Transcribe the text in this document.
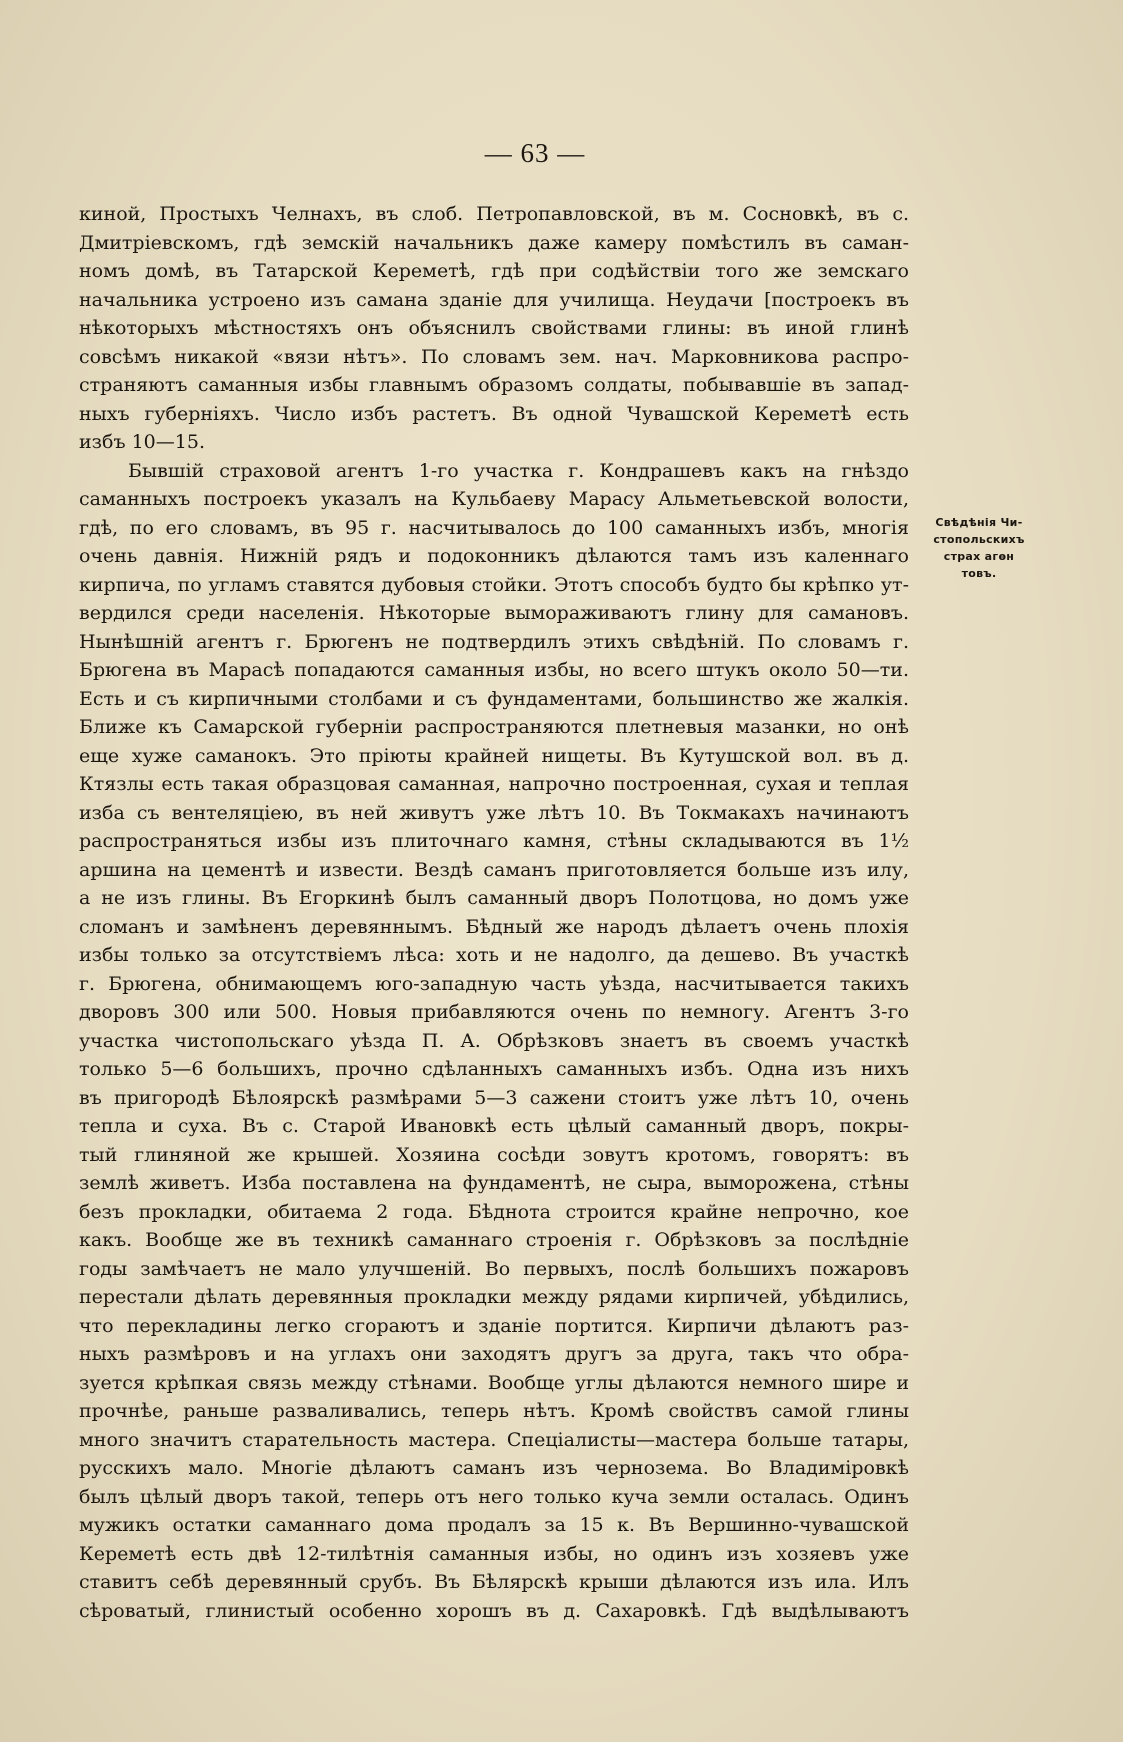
— 63 —
киной, Простыхъ Челнахъ, въ слоб. Петропавловской, въ м. Сосновкѣ, въ с.
Дмитріевскомъ, гдѣ земскій начальникъ даже камеру помѣстилъ въ саман-
номъ домѣ, въ Татарской Кереметѣ, гдѣ при содѣйствіи того же земскаго
начальника устроено изъ самана зданіе для училища. Неудачи [построекъ въ
нѣкоторыхъ мѣстностяхъ онъ объяснилъ свойствами глины: въ иной глинѣ
совсѣмъ никакой «вязи нѣтъ». По словамъ зем. нач. Марковникова распро-
страняютъ саманныя избы главнымъ образомъ солдаты, побывавшіе въ запад-
ныхъ губерніяхъ. Число избъ растетъ. Въ одной Чувашской Кереметѣ есть
избъ 10—15.
Бывшій страховой агентъ 1-го участка г. Кондрашевъ какъ на гнѣздо
саманныхъ построекъ указалъ на Кульбаеву Марасу Альметьевской волости,
гдѣ, по его словамъ, въ 95 г. насчитывалось до 100 саманныхъ избъ, многія
очень давнія. Нижній рядъ и подоконникъ дѣлаются тамъ изъ каленнаго
кирпича, по угламъ ставятся дубовыя стойки. Этотъ способъ будто бы крѣпко ут-
вердился среди населенія. Нѣкоторые вымораживаютъ глину для самановъ.
Нынѣшній агентъ г. Брюгенъ не подтвердилъ этихъ свѣдѣній. По словамъ г.
Брюгена въ Марасѣ попадаются саманныя избы, но всего штукъ около 50—ти.
Есть и съ кирпичными столбами и съ фундаментами, большинство же жалкія.
Ближе къ Самарской губерніи распространяются плетневыя мазанки, но онѣ
еще хуже саманокъ. Это пріюты крайней нищеты. Въ Кутушской вол. въ д.
Ктязлы есть такая образцовая саманная, напрочно построенная, сухая и теплая
изба съ вентеляціею, въ ней живутъ уже лѣтъ 10. Въ Токмакахъ начинаютъ
распространяться избы изъ плиточнаго камня, стѣны складываются въ 1½
аршина на цементѣ и извести. Вездѣ саманъ приготовляется больше изъ илу,
а не изъ глины. Въ Егоркинѣ былъ саманный дворъ Полотцова, но домъ уже
сломанъ и замѣненъ деревяннымъ. Бѣдный же народъ дѣлаетъ очень плохія
избы только за отсутствіемъ лѣса: хоть и не надолго, да дешево. Въ участкѣ
г. Брюгена, обнимающемъ юго-западную часть уѣзда, насчитывается такихъ
дворовъ 300 или 500. Новыя прибавляются очень по немногу. Агентъ 3-го
участка чистопольскаго уѣзда П. А. Обрѣзковъ знаетъ въ своемъ участкѣ
только 5—6 большихъ, прочно сдѣланныхъ саманныхъ избъ. Одна изъ нихъ
въ пригородѣ Бѣлоярскѣ размѣрами 5—3 сажени стоитъ уже лѣтъ 10, очень
тепла и суха. Въ с. Старой Ивановкѣ есть цѣлый саманный дворъ, покры-
тый глиняной же крышей. Хозяина сосѣди зовутъ кротомъ, говорятъ: въ
землѣ живетъ. Изба поставлена на фундаментѣ, не сыра, выморожена, стѣны
безъ прокладки, обитаема 2 года. Бѣднота строится крайне непрочно, кое
какъ. Вообще же въ техникѣ саманнаго строенія г. Обрѣзковъ за послѣдніе
годы замѣчаетъ не мало улучшеній. Во первыхъ, послѣ большихъ пожаровъ
перестали дѣлать деревянныя прокладки между рядами кирпичей, убѣдились,
что перекладины легко сгораютъ и зданіе портится. Кирпичи дѣлаютъ раз-
ныхъ размѣровъ и на углахъ они заходятъ другъ за друга, такъ что обра-
зуется крѣпкая связь между стѣнами. Вообще углы дѣлаются немного шире и
прочнѣе, раньше разваливались, теперь нѣтъ. Кромѣ свойствъ самой глины
много значитъ старательность мастера. Спеціалисты—мастера больше татары,
русскихъ мало. Многіе дѣлаютъ саманъ изъ чернозема. Во Владиміровкѣ
былъ цѣлый дворъ такой, теперь отъ него только куча земли осталась. Одинъ
мужикъ остатки саманнаго дома продалъ за 15 к. Въ Вершинно-чувашской
Кереметѣ есть двѣ 12-тилѣтнія саманныя избы, но одинъ изъ хозяевъ уже
ставитъ себѣ деревянный срубъ. Въ Бѣлярскѣ крыши дѣлаются изъ ила. Илъ
сѣроватый, глинистый особенно хорошъ въ д. Сахаровкѣ. Гдѣ выдѣлываютъ
Свѣдѣнія Чи-
стопольскихъ
страх агѳн
товъ.
